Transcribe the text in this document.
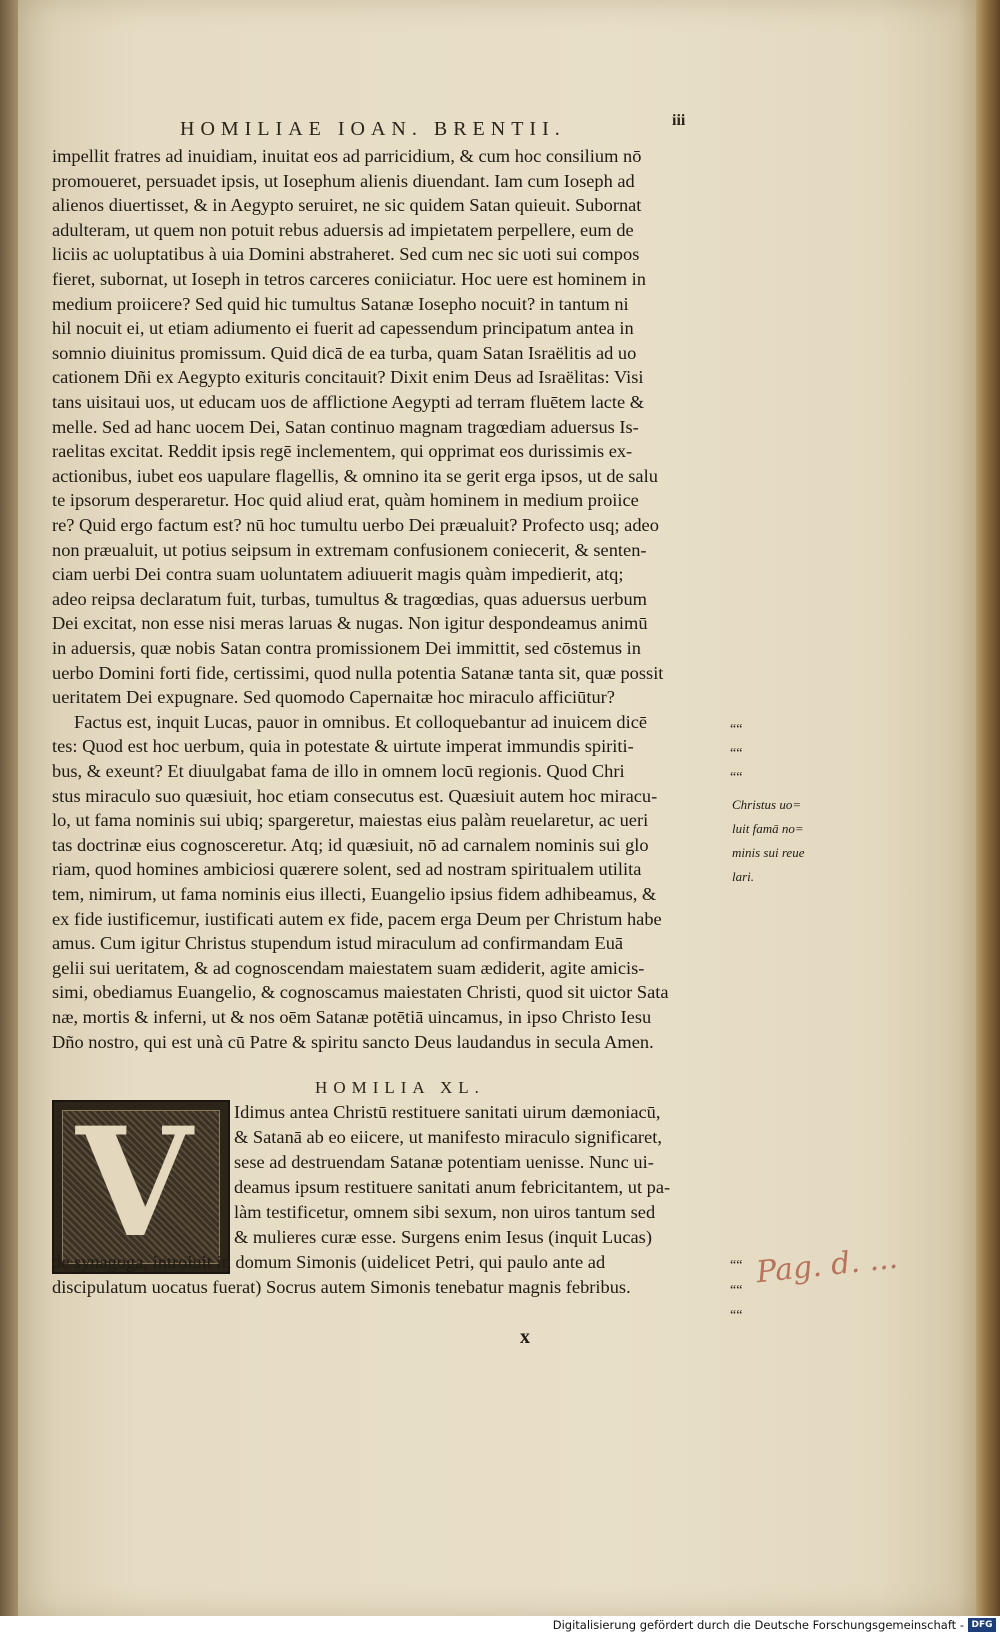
HOMILIAE IOAN. BRENTII.	iii
impellit fratres ad inuidiam, inuitat eos ad parricidium, & cum hoc consilium nō
promoueret, persuadet ipsis, ut Iosephum alienis diuendant. Iam cum Ioseph ad
alienos diuertisset, & in Aegypto seruiret, ne sic quidem Satan quieuit. Subornat
adulteram, ut quem non potuit rebus aduersis ad impietatem perpellere, eum de
liciis ac uoluptatibus à uia Domini abstraheret. Sed cum nec sic uoti sui compos
fieret, subornat, ut Ioseph in tetros carceres coniiciatur. Hoc uere est hominem in
medium proiicere? Sed quid hic tumultus Satanæ Iosepho nocuit? in tantum ni
hil nocuit ei, ut etiam adiumento ei fuerit ad capessendum principatum antea in
somnio diuinitus promissum. Quid dicā de ea turba, quam Satan Israëlitis ad uo
cationem Dñi ex Aegypto exituris concitauit? Dixit enim Deus ad Israëlitas: Visi
tans uisitaui uos, ut educam uos de afflictione Aegypti ad terram fluētem lacte &
melle. Sed ad hanc uocem Dei, Satan continuo magnam tragœdiam aduersus Is-
raelitas excitat. Reddit ipsis regē inclementem, qui opprimat eos durissimis ex-
actionibus, iubet eos uapulare flagellis, & omnino ita se gerit erga ipsos, ut de salu
te ipsorum desperaretur. Hoc quid aliud erat, quàm hominem in medium proiice
re? Quid ergo factum est? nū hoc tumultu uerbo Dei præualuit? Profecto usq; adeo
non præualuit, ut potius seipsum in extremam confusionem coniecerit, & senten-
ciam uerbi Dei contra suam uoluntatem adiuuerit magis quàm impedierit, atq;
adeo reipsa declaratum fuit, turbas, tumultus & tragœdias, quas aduersus uerbum
Dei excitat, non esse nisi meras laruas & nugas. Non igitur despondeamus animū
in aduersis, quæ nobis Satan contra promissionem Dei immittit, sed cōstemus in
uerbo Domini forti fide, certissimi, quod nulla potentia Satanæ tanta sit, quæ possit
ueritatem Dei expugnare. Sed quomodo Capernaitæ hoc miraculo afficiūtur?
Factus est, inquit Lucas, pauor in omnibus. Et colloquebantur ad inuicem dicē
tes: Quod est hoc uerbum, quia in potestate & uirtute imperat immundis spiriti-
bus, & exeunt? Et diuulgabat fama de illo in omnem locū regionis. Quod Chri
stus miraculo suo quæsiuit, hoc etiam consecutus est. Quæsiuit autem hoc miracu-
lo, ut fama nominis sui ubiq; spargeretur, maiestas eius palàm reuelaretur, ac ueri
tas doctrinæ eius cognosceretur. Atq; id quæsiuit, nō ad carnalem nominis sui glo
riam, quod homines ambiciosi quærere solent, sed ad nostram spiritualem utilita
tem, nimirum, ut fama nominis eius illecti, Euangelio ipsius fidem adhibeamus, &
ex fide iustificemur, iustificati autem ex fide, pacem erga Deum per Christum habe
amus. Cum igitur Christus stupendum istud miraculum ad confirmandam Euā
gelii sui ueritatem, & ad cognoscendam maiestatem suam ædiderit, agite amicis-
simi, obediamus Euangelio, & cognoscamus maiestaten Christi, quod sit uictor Sata
næ, mortis & inferni, ut & nos oēm Satanæ potētiā uincamus, in ipso Christo Iesu
Dño nostro, qui est unà cū Patre & spiritu sancto Deus laudandus in secula Amen.
Christus uo=
luit famā no=
minis sui reue
lari.
““
““
““
““
““
““
HOMILIA XL.
V Idimus antea Christū restituere sanitati uirum dæmoniacū,
& Satanā ab eo eiicere, ut manifesto miraculo significaret,
sese ad destruendam Satanæ potentiam uenisse. Nunc ui-
deamus ipsum restituere sanitati anum febricitantem, ut pa-
làm testificetur, omnem sibi sexum, non uiros tantum sed
& mulieres curæ esse. Surgens enim Iesus (inquit Lucas)
de synagoga, introiuit in domum Simonis (uidelicet Petri, qui paulo ante ad
discipulatum uocatus fuerat) Socrus autem Simonis tenebatur magnis febribus.	Pag. d. ...
x
Digitalisierung gefördert durch die Deutsche Forschungsgemeinschaft - DFG
